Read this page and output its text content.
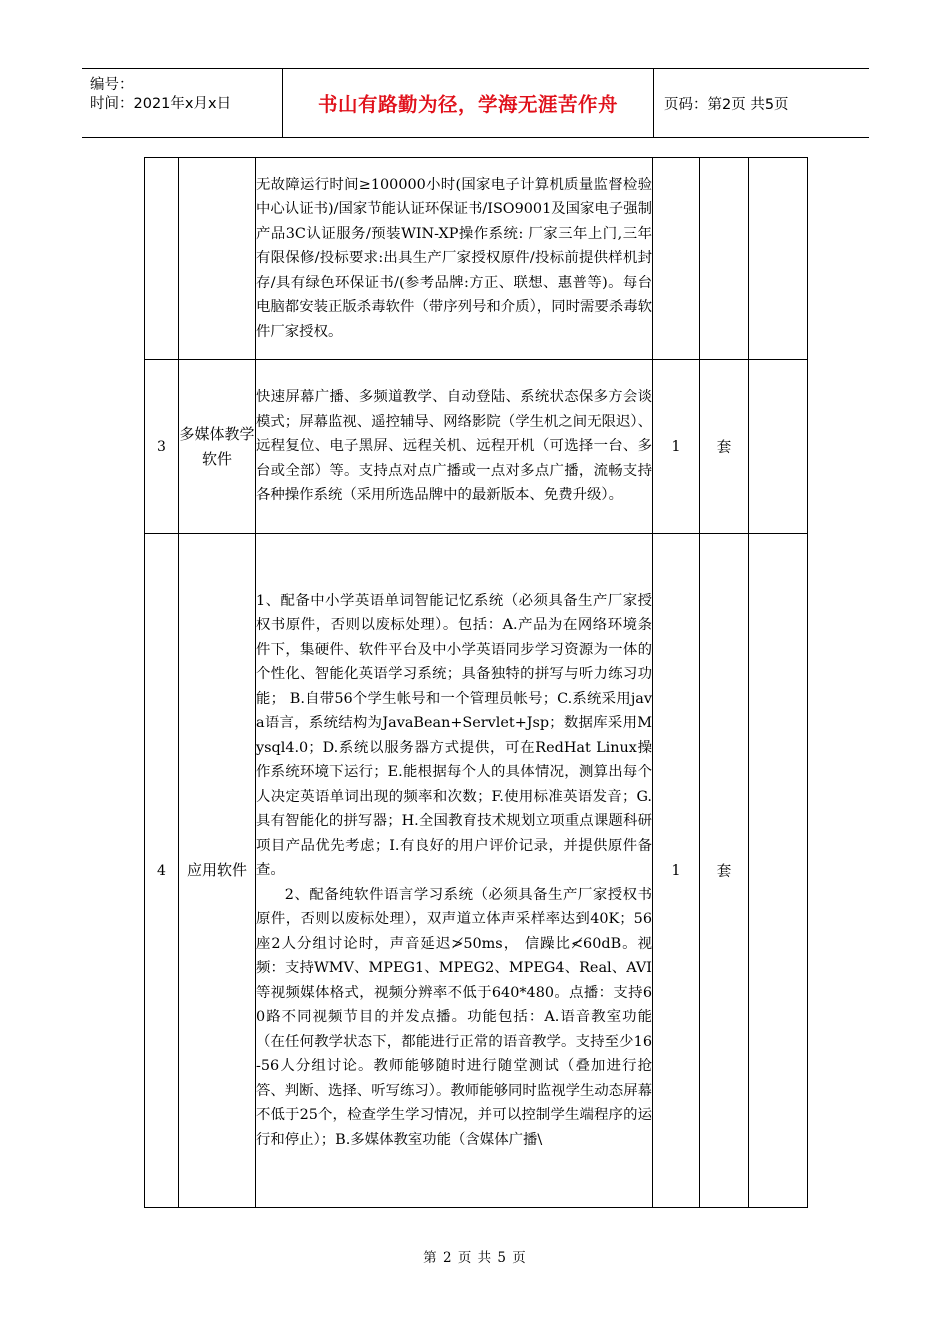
编号：
时间：2021年x月x日	书山有路勤为径，学海无涯苦作舟	页码：第2页 共5页

		无故障运行时间≥100000小时(国家电子计算机质量监督检验中心认证书)/国家节能认证环保证书/ISO9001及国家电子强制产品3C认证服务/预装WIN-XP操作系统: 厂家三年上门,三年有限保修/投标要求:出具生产厂家授权原件/投标前提供样机封存/具有绿色环保证书/(参考品牌:方正、联想、惠普等)。每台电脑都安装正版杀毒软件（带序列号和介质），同时需要杀毒软件厂家授权。			

3	多媒体教学软件	快速屏幕广播、多频道教学、自动登陆、系统状态保多方会谈模式；屏幕监视、遥控辅导、网络影院（学生机之间无限迟）、远程复位、电子黑屏、远程关机、远程开机（可选择一台、多台或全部）等。支持点对点广播或一点对多点广播，流畅支持各种操作系统（采用所选品牌中的最新版本、免费升级）。	1	套	
4	应用软件	1、配备中小学英语单词智能记忆系统（必须具备生产厂家授权书原件，否则以废标处理）。包括：A.产品为在网络环境条件下，集硬件、软件平台及中小学英语同步学习资源为一体的个性化、智能化英语学习系统；具备独特的拼写与听力练习功能； B.自带56个学生帐号和一个管理员帐号；C.系统采用java语言，系统结构为JavaBean+Servlet+Jsp；数据库采用Mysql4.0；D.系统以服务器方式提供，可在RedHat Linux操作系统环境下运行；E.能根据每个人的具体情况，测算出每个人决定英语单词出现的频率和次数；F.使用标准英语发音；G.具有智能化的拼写器；H.全国教育技术规划立项重点课题科研项目产品优先考虑；I.有良好的用户评价记录，并提供原件备查。

2、配备纯软件语言学习系统（必须具备生产厂家授权书原件，否则以废标处理），双声道立体声采样率达到40K；56座2人分组讨论时，声音延迟≯50ms， 信躁比≮60dB。视频：支持WMV、MPEG1、MPEG2、MPEG4、Real、AVI等视频媒体格式，视频分辨率不低于640*480。点播：支持60路不同视频节目的并发点播。功能包括：A.语音教室功能（在任何教学状态下，都能进行正常的语音教学。支持至少16-56人分组讨论。教师能够随时进行随堂测试（叠加进行抢答、判断、选择、听写练习）。教师能够同时监视学生动态屏幕不低于25个，检查学生学习情况，并可以控制学生端程序的运行和停止）；B.多媒体教室功能（含媒体广播\	1	套	
第 2 页 共 5 页
